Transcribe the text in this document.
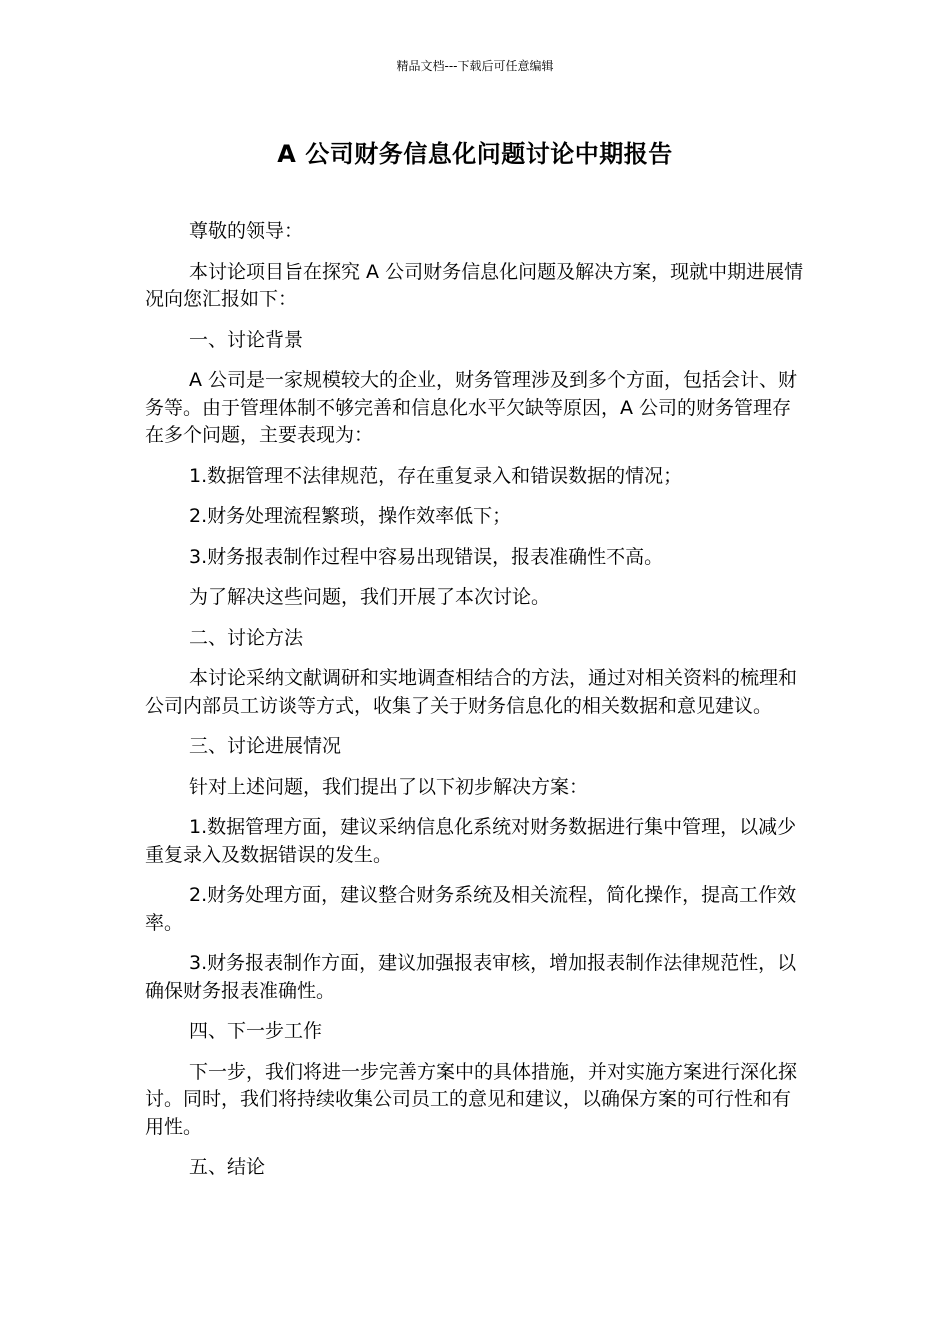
精品文档---下载后可任意编辑
A 公司财务信息化问题讨论中期报告

尊敬的领导：

本讨论项目旨在探究 A 公司财务信息化问题及解决方案，现就中期进展情况向您汇报如下：

一、讨论背景

A 公司是一家规模较大的企业，财务管理涉及到多个方面，包括会计、财务等。由于管理体制不够完善和信息化水平欠缺等原因，A 公司的财务管理存在多个问题，主要表现为：

1.数据管理不法律规范，存在重复录入和错误数据的情况；

2.财务处理流程繁琐，操作效率低下；

3.财务报表制作过程中容易出现错误，报表准确性不高。

为了解决这些问题，我们开展了本次讨论。

二、讨论方法

本讨论采纳文献调研和实地调查相结合的方法，通过对相关资料的梳理和公司内部员工访谈等方式，收集了关于财务信息化的相关数据和意见建议。

三、讨论进展情况

针对上述问题，我们提出了以下初步解决方案：

1.数据管理方面，建议采纳信息化系统对财务数据进行集中管理，以减少重复录入及数据错误的发生。

2.财务处理方面，建议整合财务系统及相关流程，简化操作，提高工作效率。

3.财务报表制作方面，建议加强报表审核，增加报表制作法律规范性，以确保财务报表准确性。

四、下一步工作

下一步，我们将进一步完善方案中的具体措施，并对实施方案进行深化探讨。同时，我们将持续收集公司员工的意见和建议，以确保方案的可行性和有用性。

五、结论
